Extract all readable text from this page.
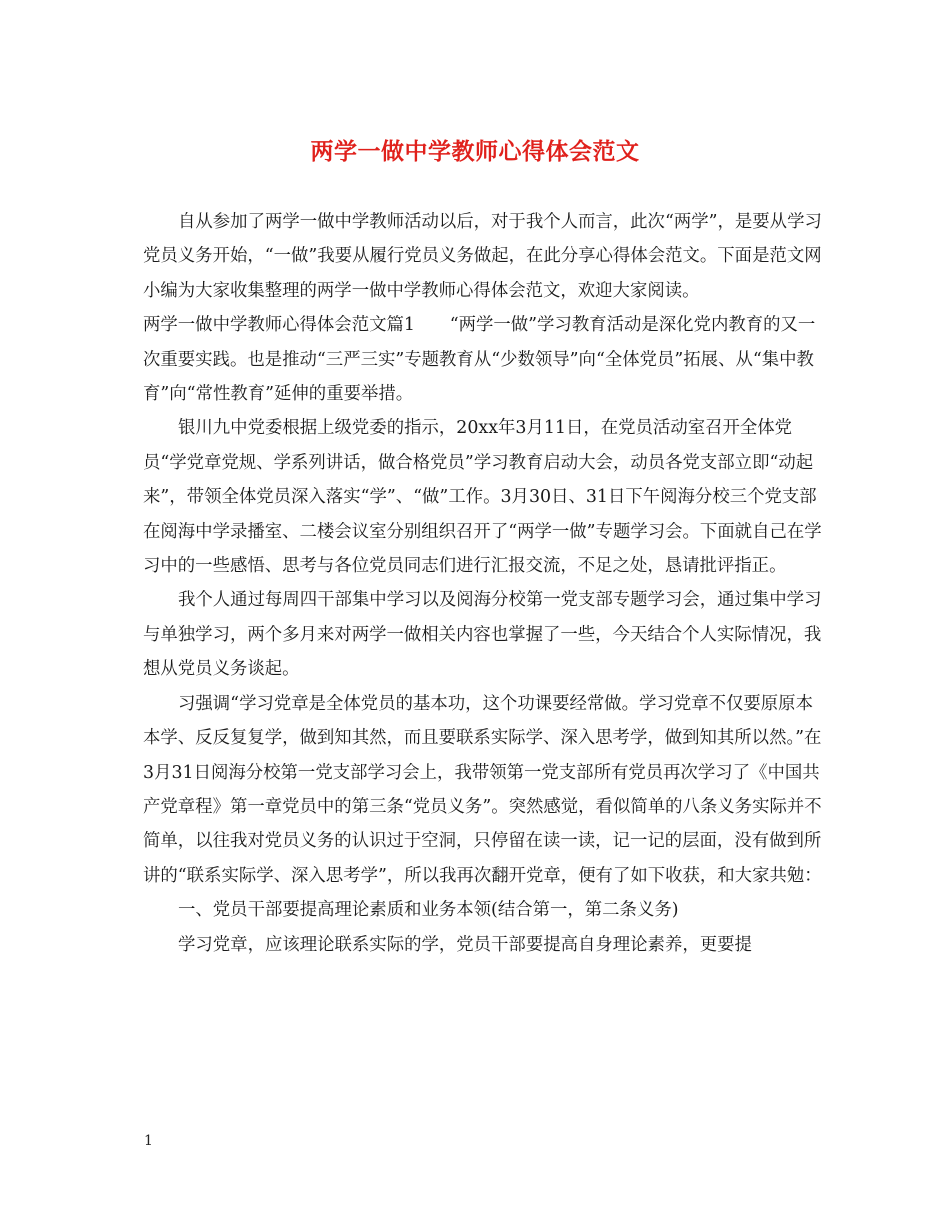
两学一做中学教师心得体会范文

自从参加了两学一做中学教师活动以后，对于我个人而言，此次“两学”，是要从学习党员义务开始，“一做”我要从履行党员义务做起，在此分享心得体会范文。下面是范文网小编为大家收集整理的两学一做中学教师心得体会范文，欢迎大家阅读。

两学一做中学教师心得体会范文篇1　　“两学一做”学习教育活动是深化党内教育的又一次重要实践。也是推动“三严三实”专题教育从“少数领导”向“全体党员”拓展、从“集中教育”向“常性教育”延伸的重要举措。

银川九中党委根据上级党委的指示，20xx年3月11日，在党员活动室召开全体党员“学党章党规、学系列讲话，做合格党员”学习教育启动大会，动员各党支部立即“动起来”，带领全体党员深入落实“学”、“做”工作。3月30日、31日下午阅海分校三个党支部在阅海中学录播室、二楼会议室分别组织召开了“两学一做”专题学习会。下面就自己在学习中的一些感悟、思考与各位党员同志们进行汇报交流，不足之处，恳请批评指正。

我个人通过每周四干部集中学习以及阅海分校第一党支部专题学习会，通过集中学习与单独学习，两个多月来对两学一做相关内容也掌握了一些，今天结合个人实际情况，我想从党员义务谈起。

习强调“学习党章是全体党员的基本功，这个功课要经常做。学习党章不仅要原原本本学、反反复复学，做到知其然，而且要联系实际学、深入思考学，做到知其所以然。”在3月31日阅海分校第一党支部学习会上，我带领第一党支部所有党员再次学习了《中国共产党章程》第一章党员中的第三条“党员义务”。突然感觉，看似简单的八条义务实际并不简单，以往我对党员义务的认识过于空洞，只停留在读一读，记一记的层面，没有做到所讲的“联系实际学、深入思考学”，所以我再次翻开党章，便有了如下收获，和大家共勉：

一、党员干部要提高理论素质和业务本领(结合第一，第二条义务)

学习党章，应该理论联系实际的学，党员干部要提高自身理论素养，更要提

1
